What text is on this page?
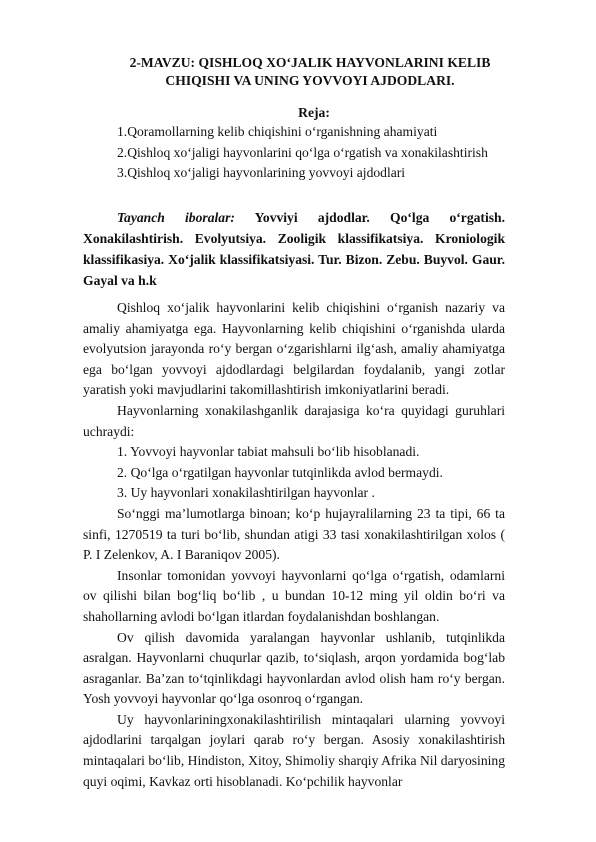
2-MAVZU: QISHLOQ XO‘JALIK HAYVONLARINI KELIB
CHIQISHI VA UNING YOVVOYI AJDODLARI.
Reja:
1.Qoramollarning kelib chiqishini o‘rganishning ahamiyati
2.Qishloq xo‘jaligi hayvonlarini qo‘lga o‘rgatish va xonakilashtirish
3.Qishloq xo‘jaligi hayvonlarining yovvoyi ajdodlari

Tayanch iboralar: Yovviyi ajdodlar. Qo‘lga o‘rgatish. Xonakilashtirish. Evolyutsiya. Zooligik klassifikatsiya. Kroniologik klassifikasiya. Xo‘jalik klassifikatsiyasi. Tur. Bizon. Zebu. Buyvol. Gaur. Gayal va h.k

Qishloq xo‘jalik hayvonlarini kelib chiqishini o‘rganish nazariy va amaliy ahamiyatga ega. Hayvonlarning kelib chiqishini o‘rganishda ularda evolyutsion jarayonda ro‘y bergan o‘zgarishlarni ilg‘ash, amaliy ahamiyatga ega bo‘lgan yovvoyi ajdodlardagi belgilardan foydalanib, yangi zotlar yaratish yoki mavjudlarini takomillashtirish imkoniyatlarini beradi.

Hayvonlarning xonakilashganlik darajasiga ko‘ra quyidagi guruhlari uchraydi:

1. Yovvoyi hayvonlar tabiat mahsuli bo‘lib hisoblanadi.

2. Qo‘lga o‘rgatilgan hayvonlar tutqinlikda avlod bermaydi.

3. Uy hayvonlari xonakilashtirilgan hayvonlar .

So‘nggi ma’lumotlarga binoan; ko‘p hujayralilarning 23 ta tipi, 66 ta sinfi, 1270519 ta turi bo‘lib, shundan atigi 33 tasi xonakilashtirilgan xolos ( P. I Zelenkov, A. I Baraniqov 2005).

Insonlar tomonidan yovvoyi hayvonlarni qo‘lga o‘rgatish, odamlarni ov qilishi bilan bog‘liq bo‘lib , u bundan 10-12 ming yil oldin bo‘ri va shahollarning avlodi bo‘lgan itlardan foydalanishdan boshlangan.

Ov qilish davomida yaralangan hayvonlar ushlanib, tutqinlikda asralgan. Hayvonlarni chuqurlar qazib, to‘siqlash, arqon yordamida bog‘lab asraganlar. Ba’zan to‘tqinlikdagi hayvonlardan avlod olish ham ro‘y bergan. Yosh yovvoyi hayvonlar qo‘lga osonroq o‘rgangan.

Uy hayvonlariningxonakilashtirilish mintaqalari ularning yovvoyi ajdodlarini tarqalgan joylari qarab ro‘y bergan. Asosiy xonakilashtirish mintaqalari bo‘lib, Hindiston, Xitoy, Shimoliy sharqiy Afrika Nil daryosining quyi oqimi, Kavkaz orti hisoblanadi. Ko‘pchilik hayvonlar
